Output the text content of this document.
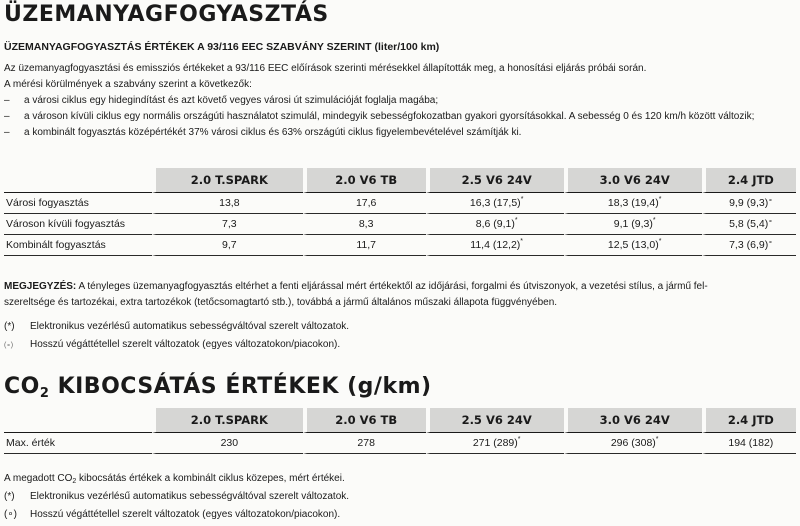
ÜZEMANYAGFOGYASZTÁS
ÜZEMANYAGFOGYASZTÁS ÉRTÉKEK A 93/116 EEC SZABVÁNY SZERINT (liter/100 km)
Az üzemanyagfogyasztási és emissziós értékeket a 93/116 EEC előírások szerinti mérésekkel állapították meg, a honosítási eljárás próbái során.
A mérési körülmények a szabvány szerint a következők:
– a városi ciklus egy hidegindítást és azt követő vegyes városi út szimulációját foglalja magába;
– a városon kívüli ciklus egy normális országúti használatot szimulál, mindegyik sebességfokozatban gyakori gyorsításokkal. A sebesség 0 és 120 km/h között változik;
– a kombinált fogyasztás középértékét 37% városi ciklus és 63% országúti ciklus figyelembevételével számítják ki.
	2.0 T.SPARK	2.0 V6 TB	2.5 V6 24V	3.0 V6 24V	2.4 JTD
Városi fogyasztás	13,8	17,6	16,3 (17,5)*	18,3 (19,4)*	9,9 (9,3)∘
Városon kívüli fogyasztás	7,3	8,3	8,6 (9,1)*	9,1 (9,3)*	5,8 (5,4)∘
Kombinált fogyasztás	9,7	11,7	11,4 (12,2)*	12,5 (13,0)*	7,3 (6,9)∘
MEGJEGYZÉS: A tényleges üzemanyagfogyasztás eltérhet a fenti eljárással mért értékektől az időjárási, forgalmi és útviszonyok, a vezetési stílus, a jármű fel-
szereltsége és tartozékai, extra tartozékok (tetőcsomagtartó stb.), továbbá a jármű általános műszaki állapota függvényében.
(*) Elektronikus vezérlésű automatikus sebességváltóval szerelt változatok.
(∘) Hosszú végáttétellel szerelt változatok (egyes változatokon/piacokon).
CO2 KIBOCSÁTÁS ÉRTÉKEK (g/km)
	2.0 T.SPARK	2.0 V6 TB	2.5 V6 24V	3.0 V6 24V	2.4 JTD
Max. érték	230	278	271 (289)*	296 (308)*	194 (182)
A megadott $CO_2$ kibocsátás értékek a kombinált ciklus közepes, mért értékei.
(*) Elektronikus vezérlésű automatikus sebességváltóval szerelt változatok.
(∘) Hosszú végáttétellel szerelt változatok (egyes változatokon/piacokon).
